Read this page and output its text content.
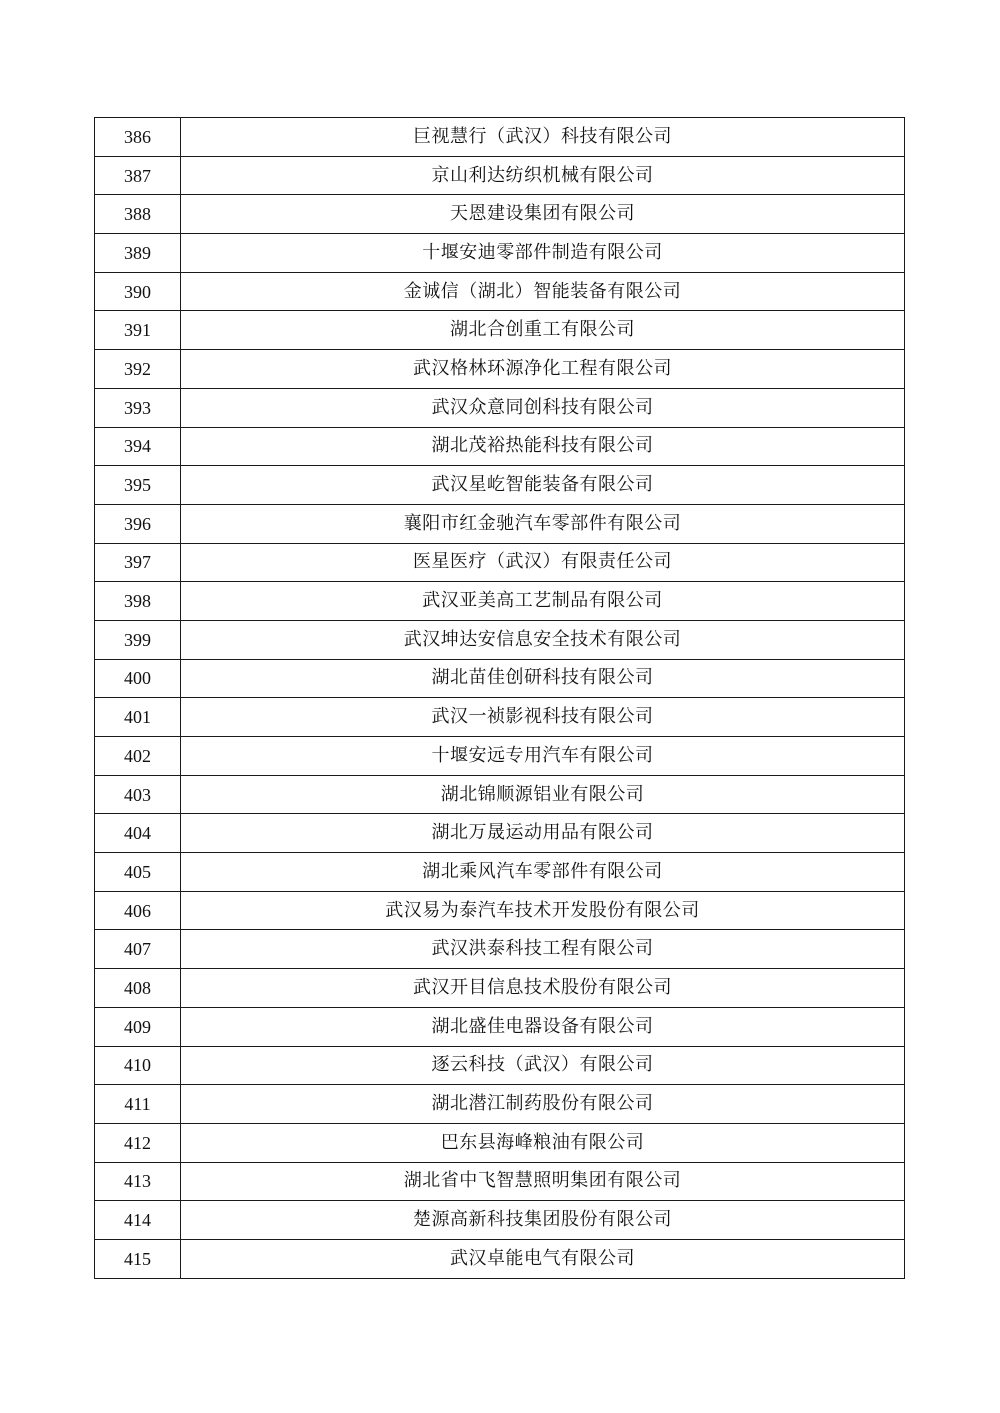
386	巨视慧行（武汉）科技有限公司
387	京山利达纺织机械有限公司
388	天恩建设集团有限公司
389	十堰安迪零部件制造有限公司
390	金诚信（湖北）智能装备有限公司
391	湖北合创重工有限公司
392	武汉格林环源净化工程有限公司
393	武汉众意同创科技有限公司
394	湖北茂裕热能科技有限公司
395	武汉星屹智能装备有限公司
396	襄阳市红金驰汽车零部件有限公司
397	医星医疗（武汉）有限责任公司
398	武汉亚美高工艺制品有限公司
399	武汉坤达安信息安全技术有限公司
400	湖北苗佳创研科技有限公司
401	武汉一祯影视科技有限公司
402	十堰安远专用汽车有限公司
403	湖北锦顺源铝业有限公司
404	湖北万晟运动用品有限公司
405	湖北乘风汽车零部件有限公司
406	武汉易为泰汽车技术开发股份有限公司
407	武汉洪泰科技工程有限公司
408	武汉开目信息技术股份有限公司
409	湖北盛佳电器设备有限公司
410	逐云科技（武汉）有限公司
411	湖北潜江制药股份有限公司
412	巴东县海峰粮油有限公司
413	湖北省中飞智慧照明集团有限公司
414	楚源高新科技集团股份有限公司
415	武汉卓能电气有限公司
